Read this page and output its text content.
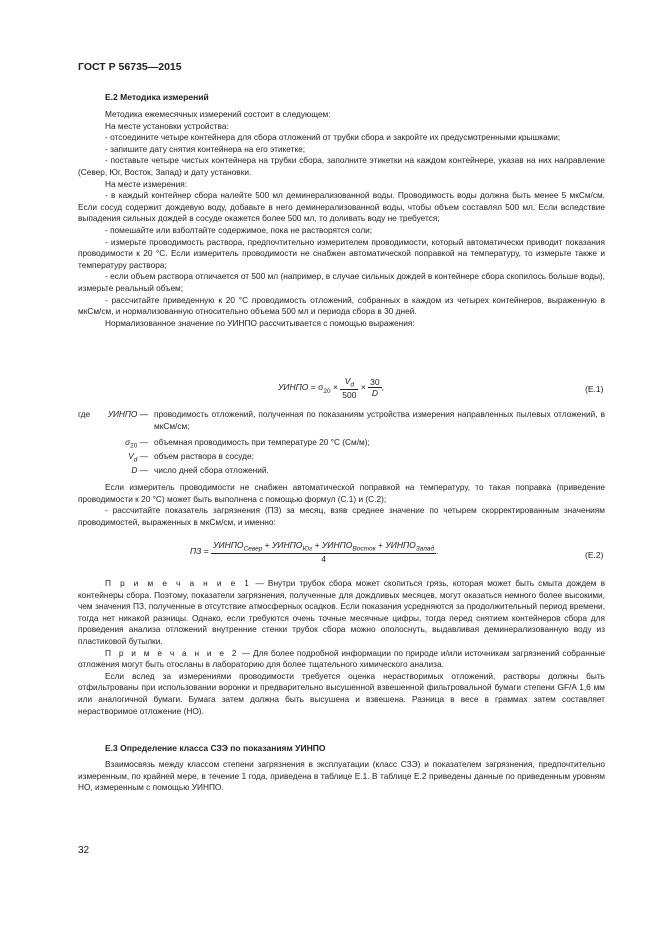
ГОСТ Р 56735—2015
Е.2 Методика измерений

Методика ежемесячных измерений состоит в следующем:

На месте установки устройства:

- отсоедините четыре контейнера для сбора отложений от трубки сбора и закройте их предусмотренными крышками;

- запишите дату снятия контейнера на его этикетке;

- поставьте четыре чистых контейнера на трубки сбора, заполните этикетки на каждом контейнере, указав на них направление (Север, Юг, Восток, Запад) и дату установки.

На месте измерения:

- в каждый контейнер сбора налейте 500 мл деминерализованной воды. Проводимость воды должна быть менее 5 мкСм/см. Если сосуд содержит дождевую воду, добавьте в него деминерализованной воды, чтобы объем составлял 500 мл. Если вследствие выпадения сильных дождей в сосуде окажется более 500 мл, то доливать воду не требуется;

- помешайте или взболтайте содержимое, пока не растворятся соли;

- измерьте проводимость раствора, предпочтительно измерителем проводимости, который автоматически приводит показания проводимости к 20 °С. Если измеритель проводимости не снабжен автоматической поправкой на температуру, то измерьте также и температуру раствора;

- если объем раствора отличается от 500 мл (например, в случае сильных дождей в контейнере сбора скопилось больше воды), измерьте реальный объем;

- рассчитайте приведенную к 20 °С проводимость отложений, собранных в каждом из четырех контейнеров, выраженную в мкСм/см, и нормализованную относительно объема 500 мл и периода сбора в 30 дней.

Нормализованное значение по УИНПО рассчитывается с помощью выражения:

УИНПО = $\sigma_{20} \times \frac{V_d}{500} \times \frac{30}{D}$ ,	(Е.1)
где	УИНПО — проводимость отложений, полученная по показаниям устройства измерения направленных пылевых отложений, в мкСм/см;
$\sigma_{20}$ — объемная проводимость при температуре 20 °С (См/м);
$V_d$ — объем раствора в сосуде;
D — число дней сбора отложений.

Если измеритель проводимости не снабжен автоматической поправкой на температуру, то такая поправка (приведение проводимости к 20 °С) может быть выполнена с помощью формул (С.1) и (С.2);

- рассчитайте показатель загрязнения (ПЗ) за месяц, взяв среднее значение по четырем скорректированным значениям проводимостей, выраженных в мкСм/см, и именно:

ПЗ = $\frac{УИНПО_{Север} + УИНПО_{Юг} + УИНПО_{Восток} + УИНПО_{Запад}}{4}$ .	(Е.2)

П р и м е ч а н и е 1 — Внутри трубок сбора может скопиться грязь, которая может быть смыта дождем в контейнеры сбора. Поэтому, показатели загрязнения, полученные для дождливых месяцев, могут оказаться немного более высокими, чем значения ПЗ, полученные в отсутствие атмосферных осадков. Если показания усредняются за продолжительный период времени, тогда нет никакой разницы. Однако, если требуются очень точные месячные цифры, тогда перед снятием контейнеров сбора для проведения анализа отложений внутренние стенки трубок сбора можно ополоснуть, выдавливая деминерализованную воду из пластиковой бутылки.

П р и м е ч а н и е 2 — Для более подробной информации по природе и/или источникам загрязнений собранные отложения могут быть отосланы в лабораторию для более тщательного химического анализа.

Если вслед за измерениями проводимости требуется оценка нерастворимых отложений, растворы должны быть отфильтрованы при использовании воронки и предварительно высушенной взвешенной фильтровальной бумаги степени GF/A 1,6 мм или аналогичной бумаги. Бумага затем должна быть высушена и взвешена. Разница в весе в граммах затем составляет нерастворимое отложение (НО).

Е.3 Определение класса СЗЭ по показаниям УИНПО

Взаимосвязь между классом степени загрязнения в эксплуатации (класс СЗЭ) и показателем загрязнения, предпочтительно измеренным, по крайней мере, в течение 1 года, приведена в таблице Е.1. В таблице Е.2 приведены данные по приведенным уровням НО, измеренным с помощью УИНПО.

32
